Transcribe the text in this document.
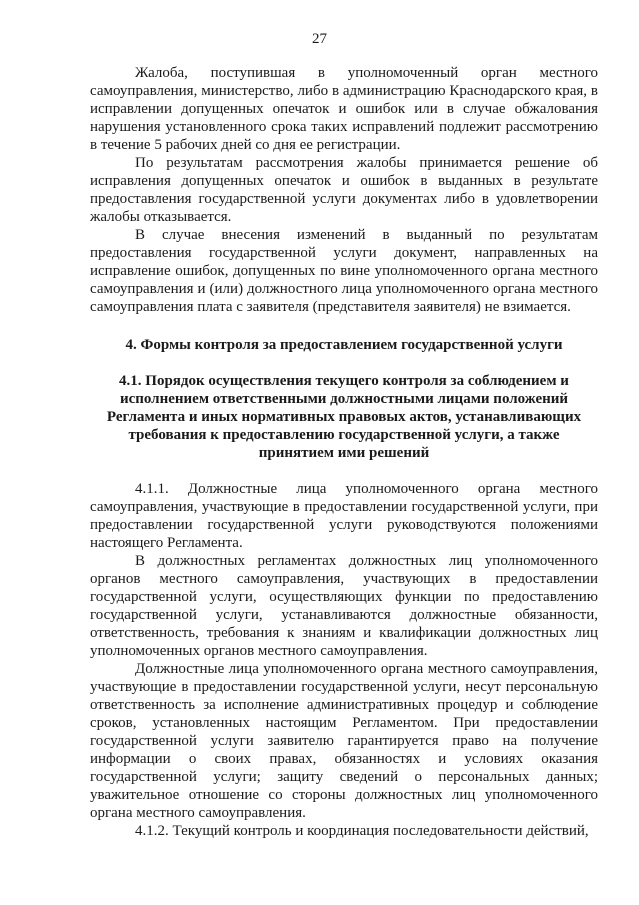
27

Жалоба, поступившая в уполномоченный орган местного самоуправления, министерство, либо в администрацию Краснодарского края, в исправлении допущенных опечаток и ошибок или в случае обжалования нарушения установленного срока таких исправлений подлежит рассмотрению в течение 5 рабочих дней со дня ее регистрации.

По результатам рассмотрения жалобы принимается решение об исправления допущенных опечаток и ошибок в выданных в результате предоставления государственной услуги документах либо в удовлетворении жалобы отказывается.

В случае внесения изменений в выданный по результатам предоставления государственной услуги документ, направленных на исправление ошибок, допущенных по вине уполномоченного органа местного самоуправления и (или) должностного лица уполномоченного органа местного самоуправления плата с заявителя (представителя заявителя) не взимается.

4. Формы контроля за предоставлением государственной услуги

4.1. Порядок осуществления текущего контроля за соблюдением и исполнением ответственными должностными лицами положений Регламента и иных нормативных правовых актов, устанавливающих требования к предоставлению государственной услуги, а также принятием ими решений

4.1.1. Должностные лица уполномоченного органа местного самоуправления, участвующие в предоставлении государственной услуги, при предоставлении государственной услуги руководствуются положениями настоящего Регламента.

В должностных регламентах должностных лиц уполномоченного органов местного самоуправления, участвующих в предоставлении государственной услуги, осуществляющих функции по предоставлению государственной услуги, устанавливаются должностные обязанности, ответственность, требования к знаниям и квалификации должностных лиц уполномоченных органов местного самоуправления.

Должностные лица уполномоченного органа местного самоуправления, участвующие в предоставлении государственной услуги, несут персональную ответственность за исполнение административных процедур и соблюдение сроков, установленных настоящим Регламентом. При предоставлении государственной услуги заявителю гарантируется право на получение информации о своих правах, обязанностях и условиях оказания государственной услуги; защиту сведений о персональных данных; уважительное отношение со стороны должностных лиц уполномоченного органа местного самоуправления.

4.1.2. Текущий контроль и координация последовательности действий,
